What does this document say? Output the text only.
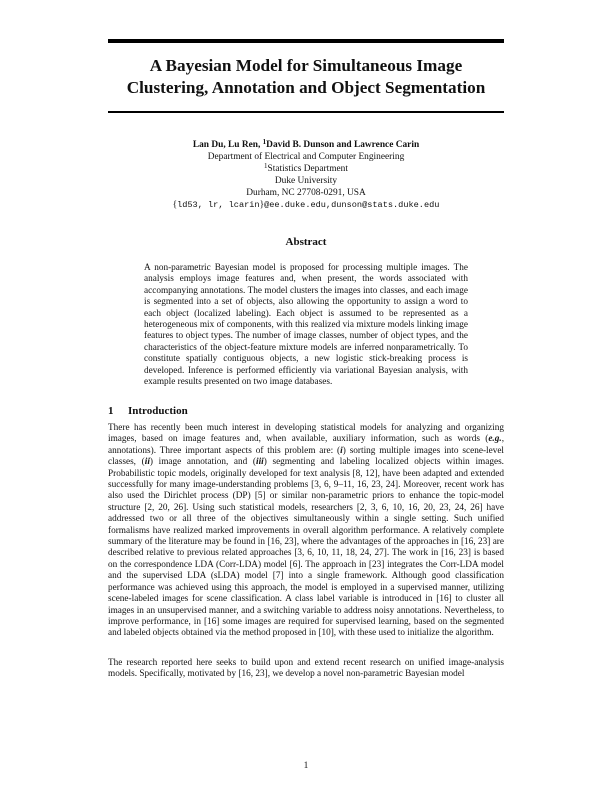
A Bayesian Model for Simultaneous Image
Clustering, Annotation and Object Segmentation
Lan Du, Lu Ren, $^1$David B. Dunson and Lawrence Carin
Department of Electrical and Computer Engineering
$^1$Statistics Department
Duke University
Durham, NC 27708-0291, USA
{ld53, lr, lcarin}@ee.duke.edu,dunson@stats.duke.edu
Abstract

A non-parametric Bayesian model is proposed for processing multiple images. The analysis employs image features and, when present, the words associated with accompanying annotations. The model clusters the images into classes, and each image is segmented into a set of objects, also allowing the opportunity to assign a word to each object (localized labeling). Each object is assumed to be represented as a heterogeneous mix of components, with this realized via mixture models linking image features to object types. The number of image classes, number of object types, and the characteristics of the object-feature mixture models are inferred nonparametrically. To constitute spatially contiguous objects, a new logistic stick-breaking process is developed. Inference is performed efficiently via variational Bayesian analysis, with example results presented on two image databases.

1 Introduction

There has recently been much interest in developing statistical models for analyzing and organizing images, based on image features and, when available, auxiliary information, such as words (e.g., annotations). Three important aspects of this problem are: (i) sorting multiple images into scene-level classes, (ii) image annotation, and (iii) segmenting and labeling localized objects within images. Probabilistic topic models, originally developed for text analysis [8, 12], have been adapted and extended successfully for many image-understanding problems [3, 6, 9–11, 16, 23, 24]. Moreover, recent work has also used the Dirichlet process (DP) [5] or similar non-parametric priors to enhance the topic-model structure [2, 20, 26]. Using such statistical models, researchers [2, 3, 6, 10, 16, 20, 23, 24, 26] have addressed two or all three of the objectives simultaneously within a single setting. Such unified formalisms have realized marked improvements in overall algorithm performance. A relatively complete summary of the literature may be found in [16, 23], where the advantages of the approaches in [16, 23] are described relative to previous related approaches [3, 6, 10, 11, 18, 24, 27]. The work in [16, 23] is based on the correspondence LDA (Corr-LDA) model [6]. The approach in [23] integrates the Corr-LDA model and the supervised LDA (sLDA) model [7] into a single framework. Although good classification performance was achieved using this approach, the model is employed in a supervised manner, utilizing scene-labeled images for scene classification. A class label variable is introduced in [16] to cluster all images in an unsupervised manner, and a switching variable to address noisy annotations. Nevertheless, to improve performance, in [16] some images are required for supervised learning, based on the segmented and labeled objects obtained via the method proposed in [10], with these used to initialize the algorithm.

The research reported here seeks to build upon and extend recent research on unified image-analysis models. Specifically, motivated by [16, 23], we develop a novel non-parametric Bayesian model

1
